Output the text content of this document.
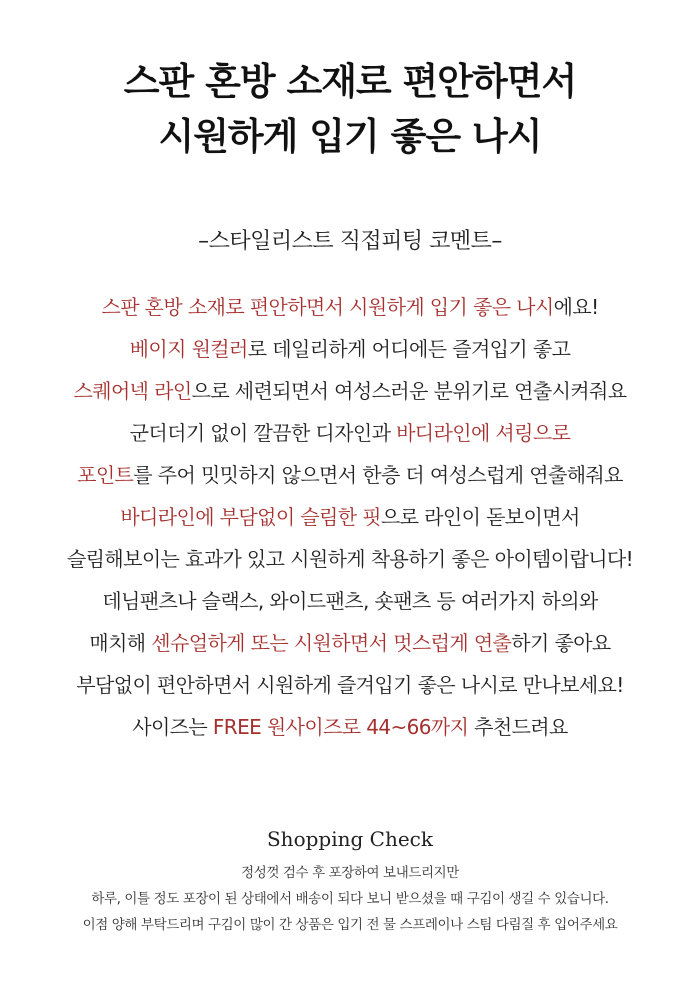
스판 혼방 소재로 편안하면서
시원하게 입기 좋은 나시
–스타일리스트 직접피팅 코멘트–
스판 혼방 소재로 편안하면서 시원하게 입기 좋은 나시에요!
베이지 원컬러로 데일리하게 어디에든 즐겨입기 좋고
스퀘어넥 라인으로 세련되면서 여성스러운 분위기로 연출시켜줘요
군더더기 없이 깔끔한 디자인과 바디라인에 셔링으로
포인트를 주어 밋밋하지 않으면서 한층 더 여성스럽게 연출해줘요
바디라인에 부담없이 슬림한 핏으로 라인이 돋보이면서
슬림해보이는 효과가 있고 시원하게 착용하기 좋은 아이템이랍니다!
데님팬츠나 슬랙스, 와이드팬츠, 숏팬츠 등 여러가지 하의와
매치해 센슈얼하게 또는 시원하면서 멋스럽게 연출하기 좋아요
부담없이 편안하면서 시원하게 즐겨입기 좋은 나시로 만나보세요!
사이즈는 FREE 원사이즈로 44~66까지 추천드려요
Shopping Check
정성껏 검수 후 포장하여 보내드리지만
하루, 이틀 정도 포장이 된 상태에서 배송이 되다 보니 받으셨을 때 구김이 생길 수 있습니다.
이점 양해 부탁드리며 구김이 많이 간 상품은 입기 전 물 스프레이나 스팀 다림질 후 입어주세요
